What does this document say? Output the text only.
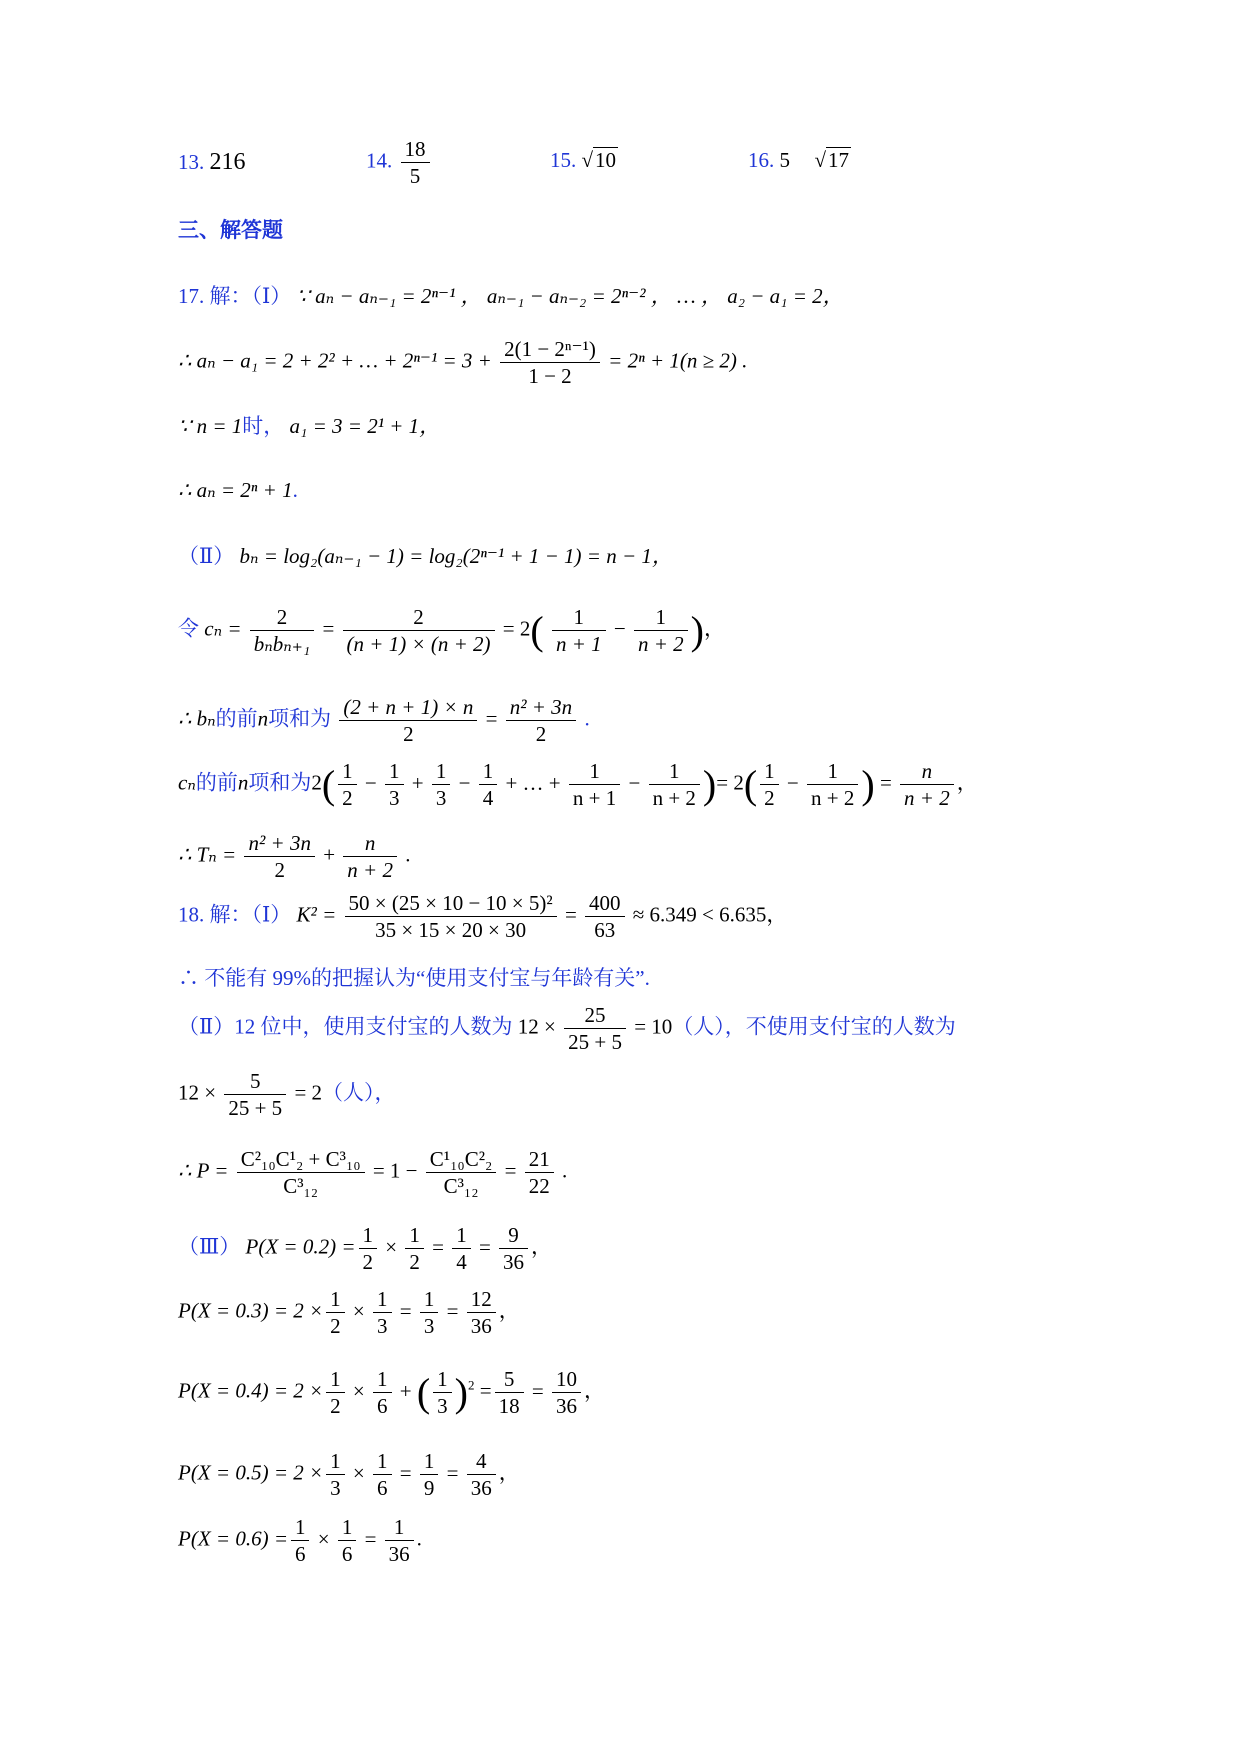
13. 216	14. $\frac{18}{5}$	15. √10	16. 5 √17
三、解答题
17. 解：（Ⅰ） ∵ aₙ − aₙ₋₁ = 2ⁿ⁻¹ ， aₙ₋₁ − aₙ₋₂ = 2ⁿ⁻² ， … ， a₂ − a₁ = 2，
∴ aₙ − a₁ = 2 + 2² + … + $2^{n-1} = 3 + \frac{\text{2(1 − 2ⁿ⁻¹)}}{1 - 2} = 2^n + 1(n \ge 2)$ .
∵ n = 1时， a₁ = 3 = 2¹ + 1，
∴ aₙ = 2ⁿ + 1.
（Ⅱ） bₙ = log₂(aₙ₋₁ − 1) = log₂(2ⁿ⁻¹ + 1 − 1) = n − 1，
令 $c_n = \frac{2}{\text{bₙbₙ₊₁}} = \frac{2}{(n + 1) \times (n + 2)} = 2( \frac{1}{n + 1} - \frac{1}{n + 2}$ )，
∴ bₙ的前n项和为 $\frac{(2 + n + 1) \times n}{2} = \frac{\text{n² + 3n}}{2}$ .
cₙ的前n项和为$2( \frac{1}{2} - \frac{1}{3} + \frac{1}{3} - \frac{1}{4}$ + … + $\frac{1}{n + 1} - \frac{1}{n + 2}$ )= $2( \frac{1}{2} - \frac{1}{n + 2}$ ) = $\frac{n}{n + 2}$ ，
∴ $T_n = \frac{\text{n² + 3n}}{2} + \frac{n}{n + 2}$ .
18. 解：（Ⅰ） $K^2 = \frac{\text{50 × (25 × 10 − 10 × 5)²}}{35 \times 15 \times 20 \times 30} = \frac{400}{63} \approx 6.349 < 6.635$，
∴ 不能有 99%的把握认为“使用支付宝与年龄有关”.
（Ⅱ）12 位中，使用支付宝的人数为 $12 \times \frac{25}{25 + 5} = 10$（人），不使用支付宝的人数为
$12 \times \frac{5}{25 + 5} = 2$（人），
∴ $P = \frac{\text{C²₁₀C¹₂ + C³₁₀}}{\text{C³₁₂}} = 1 - \frac{\text{C¹₁₀C²₂}}{\text{C³₁₂}} = \frac{21}{22}$ .
（Ⅲ） $P(X = 0.2) = \frac{1}{2} \times \frac{1}{2} = \frac{1}{4} = \frac{9}{36}$ ，
$P(X = 0.3) = 2 \times \frac{1}{2} \times \frac{1}{3} = \frac{1}{3} = \frac{12}{36}$ ，
$P(X = 0.4) = 2 \times \frac{1}{2} \times \frac{1}{6}$ + ( $\frac{1}{3} )^2 = \frac{5}{18} = \frac{10}{36}$ ，
$P(X = 0.5) = 2 \times \frac{1}{3} \times \frac{1}{6} = \frac{1}{9} = \frac{4}{36}$ ，
$P(X = 0.6) = \frac{1}{6} \times \frac{1}{6} = \frac{1}{36}$ .
